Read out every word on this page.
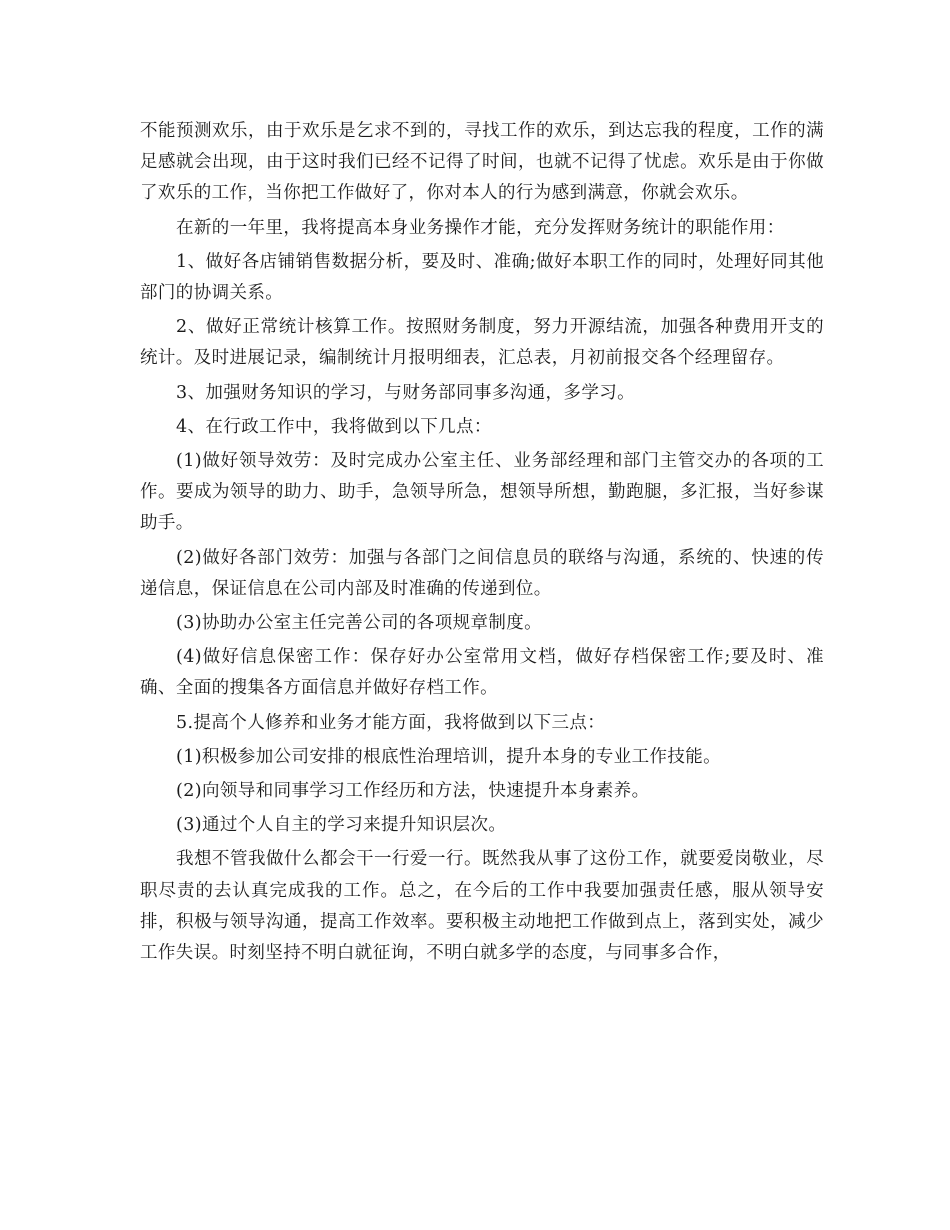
不能预测欢乐，由于欢乐是乞求不到的，寻找工作的欢乐，到达忘我的程度，工作的满足感就会出现，由于这时我们已经不记得了时间，也就不记得了忧虑。欢乐是由于你做了欢乐的工作，当你把工作做好了，你对本人的行为感到满意，你就会欢乐。

在新的一年里，我将提高本身业务操作才能，充分发挥财务统计的职能作用：

1、做好各店铺销售数据分析，要及时、准确;做好本职工作的同时，处理好同其他部门的协调关系。

2、做好正常统计核算工作。按照财务制度，努力开源结流，加强各种费用开支的统计。及时进展记录，编制统计月报明细表，汇总表，月初前报交各个经理留存。

3、加强财务知识的学习，与财务部同事多沟通，多学习。

4、在行政工作中，我将做到以下几点：

(1)做好领导效劳：及时完成办公室主任、业务部经理和部门主管交办的各项的工作。要成为领导的助力、助手，急领导所急，想领导所想，勤跑腿，多汇报，当好参谋助手。

(2)做好各部门效劳：加强与各部门之间信息员的联络与沟通，系统的、快速的传递信息，保证信息在公司内部及时准确的传递到位。

(3)协助办公室主任完善公司的各项规章制度。

(4)做好信息保密工作：保存好办公室常用文档，做好存档保密工作;要及时、准确、全面的搜集各方面信息并做好存档工作。

5.提高个人修养和业务才能方面，我将做到以下三点：

(1)积极参加公司安排的根底性治理培训，提升本身的专业工作技能。

(2)向领导和同事学习工作经历和方法，快速提升本身素养。

(3)通过个人自主的学习来提升知识层次。

我想不管我做什么都会干一行爱一行。既然我从事了这份工作，就要爱岗敬业，尽职尽责的去认真完成我的工作。总之，在今后的工作中我要加强责任感，服从领导安排，积极与领导沟通，提高工作效率。要积极主动地把工作做到点上，落到实处，减少工作失误。时刻坚持不明白就征询，不明白就多学的态度，与同事多合作，
